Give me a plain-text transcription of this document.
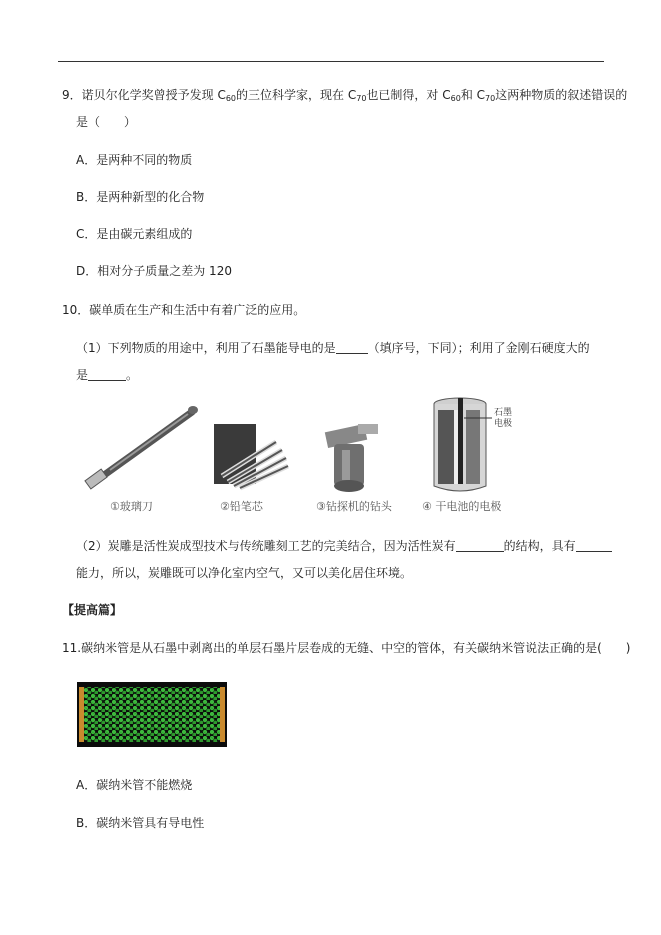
9．诺贝尔化学奖曾授予发现 $C_{60}$的三位科学家，现在 $C_{70}$也已制得，对 $C_{60}$和 $C_{70}$这两种物质的叙述错误的
是（　　）
A．是两种不同的物质
B．是两种新型的化合物
C．是由碳元素组成的
D．相对分子质量之差为 120
10．碳单质在生产和生活中有着广泛的应用。
（1）下列物质的用途中，利用了石墨能导电的是	（填序号，下同）；利用了金刚石硬度大的
是	。
石墨
电极
①玻璃刀	②铅笔芯	③钻探机的钻头	④ 干电池的电极
（2）炭雕是活性炭成型技术与传统雕刻工艺的完美结合，因为活性炭有	的结构，具有
能力，所以，炭雕既可以净化室内空气，又可以美化居住环境。
【提高篇】
11.碳纳米管是从石墨中剥离出的单层石墨片层卷成的无缝、中空的管体，有关碳纳米管说法正确的是(　　)
A．碳纳米管不能燃烧
B．碳纳米管具有导电性
